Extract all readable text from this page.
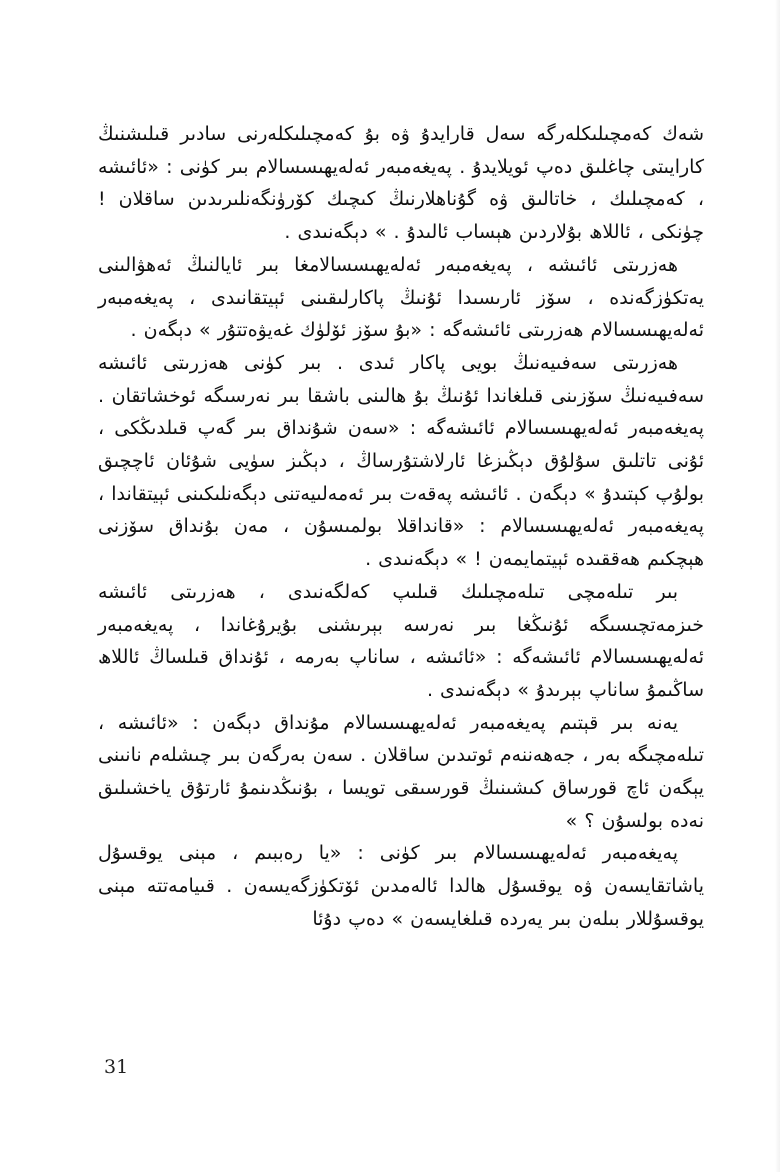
شەك كەمچىلىكلەرگە سەل قارايدۇ ۋە بۇ كەمچىلىكلەرنى سادىر قىلىشنىڭ كارايىتى چاغلىق دەپ ئويلايدۇ . پەيغەمبەر ئەلەيھىسسالام بىر كۈنى : «ئائىشە ، كەمچىلىك ، خاتالىق ۋە گۇناھلارنىڭ كىچىك كۆرۈنگەنلىرىدىن ساقلان ! چۈنكى ، ئاللاھ بۇلاردىن ھېساب ئالىدۇ . » دېگەنىدى .

ھەزرىتى ئائىشە ، پەيغەمبەر ئەلەيھىسسالامغا بىر ئايالنىڭ ئەھۋالىنى يەتكۈزگەندە ، سۆز ئارىسىدا ئۇنىڭ پاكارلىقىنى ئېيتقانىدى ، پەيغەمبەر ئەلەيھىسسالام ھەزرىتى ئائىشەگە : «بۇ سۆز ئۆلۈك غەيۋەتتۇر » دېگەن .

ھەزرىتى سەفىيەنىڭ بويى پاكار ئىدى . بىر كۈنى ھەزرىتى ئائىشە سەفىيەنىڭ سۆزىنى قىلغاندا ئۇنىڭ بۇ ھالىنى باشقا بىر نەرسىگە ئوخشاتقان . پەيغەمبەر ئەلەيھىسسالام ئائىشەگە : «سەن شۇنداق بىر گەپ قىلدىڭكى ، ئۇنى تاتلىق سۇلۇق دېڭىزغا ئارلاشتۇرساڭ ، دېڭىز سۈيى شۇئان ئاچچىق بولۇپ كېتىدۇ » دېگەن . ئائىشە پەقەت بىر ئەمەلىيەتنى دېگەنلىكىنى ئېيتقاندا ، پەيغەمبەر ئەلەيھىسسالام : «قانداقلا بولمىسۇن ، مەن بۇنداق سۆزنى ھېچكىم ھەققىدە ئېيتمايمەن ! » دېگەنىدى .

بىر تىلەمچى تىلەمچىلىك قىلىپ كەلگەنىدى ، ھەزرىتى ئائىشە خىزمەتچىسىگە ئۇنىڭغا بىر نەرسە بېرىشنى بۇيرۇغاندا ، پەيغەمبەر ئەلەيھىسسالام ئائىشەگە : «ئائىشە ، ساناپ بەرمە ، ئۇنداق قىلساڭ ئاللاھ ساڭىمۇ ساناپ بېرىدۇ » دېگەنىدى .

يەنە بىر قېتىم پەيغەمبەر ئەلەيھىسسالام مۇنداق دېگەن : «ئائىشە ، تىلەمچىگە بەر ، جەھەننەم ئوتىدىن ساقلان . سەن بەرگەن بىر چىشلەم نانىنى يېگەن ئاچ قورساق كىشىنىڭ قورسىقى تويسا ، بۇنىڭدىنمۇ ئارتۇق ياخشىلىق نەدە بولسۇن ؟ »

پەيغەمبەر ئەلەيھىسسالام بىر كۈنى : «يا رەببىم ، مېنى يوقسۇل ياشاتقايسەن ۋە يوقسۇل ھالدا ئالەمدىن ئۆتكۈزگەيسەن . قىيامەتتە مېنى يوقسۇللار بىلەن بىر يەردە قىلغايسەن » دەپ دۇئا

31
